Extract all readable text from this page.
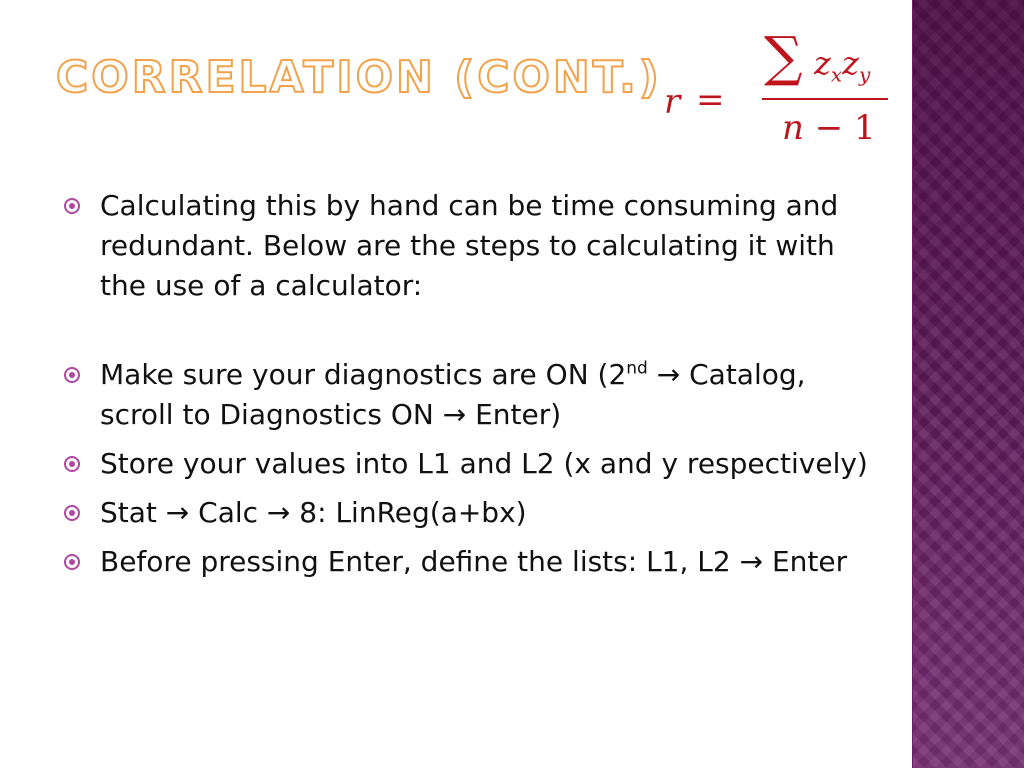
CORRELATION (CONT.) r =
∑ $z_xz_y$
n − 1
Calculating this by hand can be time consuming and redundant. Below are the steps to calculating it with the use of a calculator:
Make sure your diagnostics are ON (2nd → Catalog, scroll to Diagnostics ON → Enter)
Store your values into L1 and L2 (x and y respectively)
Stat → Calc → 8: LinReg(a+bx)
Before pressing Enter, define the lists: L1, L2 → Enter
